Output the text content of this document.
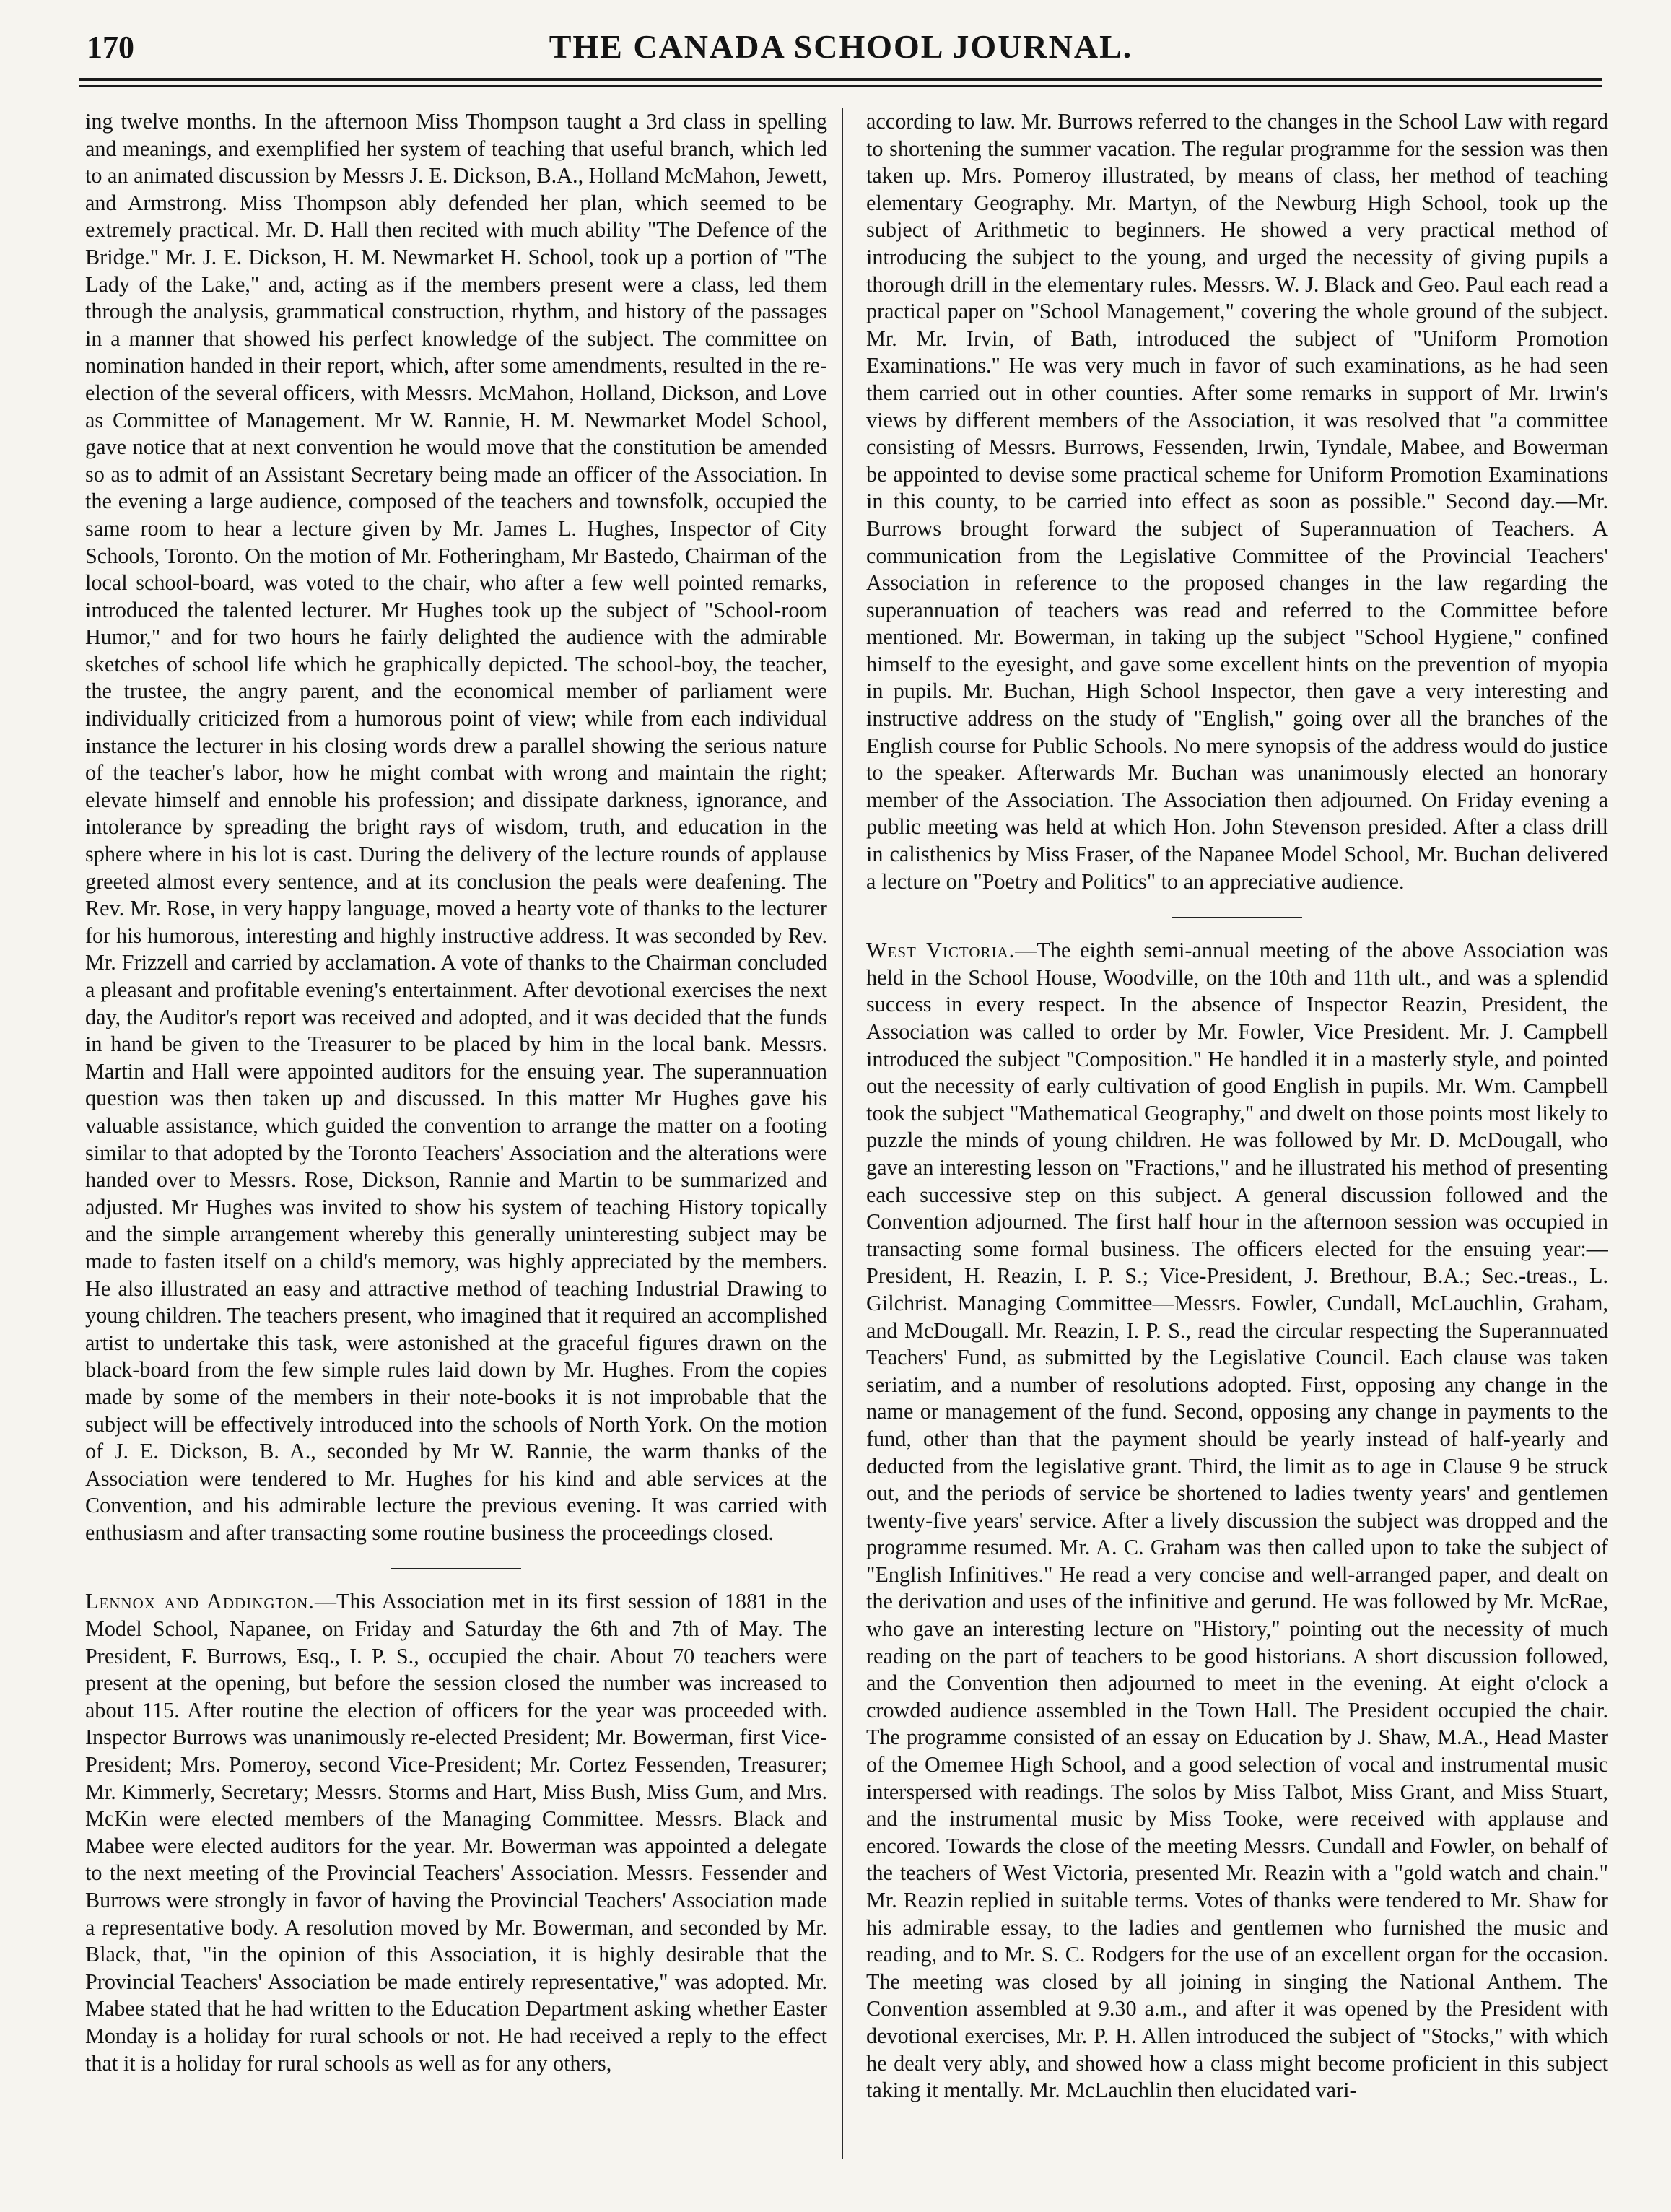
170	THE CANADA SCHOOL JOURNAL.

ing twelve months. In the afternoon Miss Thompson taught a 3rd class in spelling and meanings, and exemplified her system of teaching that useful branch, which led to an animated discussion by Messrs J. E. Dickson, B.A., Holland McMahon, Jewett, and Armstrong. Miss Thompson ably defended her plan, which seemed to be extremely practical. Mr. D. Hall then recited with much ability "The Defence of the Bridge." Mr. J. E. Dickson, H. M. Newmarket H. School, took up a portion of "The Lady of the Lake," and, acting as if the members present were a class, led them through the analysis, grammatical construction, rhythm, and history of the passages in a manner that showed his perfect knowledge of the subject. The committee on nomination handed in their report, which, after some amendments, resulted in the re-election of the several officers, with Messrs. McMahon, Holland, Dickson, and Love as Committee of Management. Mr W. Rannie, H. M. Newmarket Model School, gave notice that at next convention he would move that the constitution be amended so as to admit of an Assistant Secretary being made an officer of the Association. In the evening a large audience, composed of the teachers and townsfolk, occupied the same room to hear a lecture given by Mr. James L. Hughes, Inspector of City Schools, Toronto. On the motion of Mr. Fotheringham, Mr Bastedo, Chairman of the local school-board, was voted to the chair, who after a few well pointed remarks, introduced the talented lecturer. Mr Hughes took up the subject of "School-room Humor," and for two hours he fairly delighted the audience with the admirable sketches of school life which he graphically depicted. The school-boy, the teacher, the trustee, the angry parent, and the economical member of parliament were individually criticized from a humorous point of view; while from each individual instance the lecturer in his closing words drew a parallel showing the serious nature of the teacher's labor, how he might combat with wrong and maintain the right; elevate himself and ennoble his profession; and dissipate darkness, ignorance, and intolerance by spreading the bright rays of wisdom, truth, and education in the sphere where in his lot is cast. During the delivery of the lecture rounds of applause greeted almost every sentence, and at its conclusion the peals were deafening. The Rev. Mr. Rose, in very happy language, moved a hearty vote of thanks to the lecturer for his humorous, interesting and highly instructive address. It was seconded by Rev. Mr. Frizzell and carried by acclamation. A vote of thanks to the Chairman concluded a pleasant and profitable evening's entertainment. After devotional exercises the next day, the Auditor's report was received and adopted, and it was decided that the funds in hand be given to the Treasurer to be placed by him in the local bank. Messrs. Martin and Hall were appointed auditors for the ensuing year. The superannuation question was then taken up and discussed. In this matter Mr Hughes gave his valuable assistance, which guided the convention to arrange the matter on a footing similar to that adopted by the Toronto Teachers' Association and the alterations were handed over to Messrs. Rose, Dickson, Rannie and Martin to be summarized and adjusted. Mr Hughes was invited to show his system of teaching History topically and the simple arrangement whereby this generally uninteresting subject may be made to fasten itself on a child's memory, was highly appreciated by the members. He also illustrated an easy and attractive method of teaching Industrial Drawing to young children. The teachers present, who imagined that it required an accomplished artist to undertake this task, were astonished at the graceful figures drawn on the black-board from the few simple rules laid down by Mr. Hughes. From the copies made by some of the members in their note-books it is not improbable that the subject will be effectively introduced into the schools of North York. On the motion of J. E. Dickson, B. A., seconded by Mr W. Rannie, the warm thanks of the Association were tendered to Mr. Hughes for his kind and able services at the Convention, and his admirable lecture the previous evening. It was carried with enthusiasm and after transacting some routine business the proceedings closed.

Lennox and Addington.—This Association met in its first session of 1881 in the Model School, Napanee, on Friday and Saturday the 6th and 7th of May. The President, F. Burrows, Esq., I. P. S., occupied the chair. About 70 teachers were present at the opening, but before the session closed the number was increased to about 115. After routine the election of officers for the year was proceeded with. Inspector Burrows was unanimously re-elected President; Mr. Bowerman, first Vice-President; Mrs. Pomeroy, second Vice-President; Mr. Cortez Fessenden, Treasurer; Mr. Kimmerly, Secretary; Messrs. Storms and Hart, Miss Bush, Miss Gum, and Mrs. McKin were elected members of the Managing Committee. Messrs. Black and Mabee were elected auditors for the year. Mr. Bowerman was appointed a delegate to the next meeting of the Provincial Teachers' Association. Messrs. Fessender and Burrows were strongly in favor of having the Provincial Teachers' Association made a representative body. A resolution moved by Mr. Bowerman, and seconded by Mr. Black, that, "in the opinion of this Association, it is highly desirable that the Provincial Teachers' Association be made entirely representative," was adopted. Mr. Mabee stated that he had written to the Education Department asking whether Easter Monday is a holiday for rural schools or not. He had received a reply to the effect that it is a holiday for rural schools as well as for any others,

according to law. Mr. Burrows referred to the changes in the School Law with regard to shortening the summer vacation. The regular programme for the session was then taken up. Mrs. Pomeroy illustrated, by means of class, her method of teaching elementary Geography. Mr. Martyn, of the Newburg High School, took up the subject of Arithmetic to beginners. He showed a very practical method of introducing the subject to the young, and urged the necessity of giving pupils a thorough drill in the elementary rules. Messrs. W. J. Black and Geo. Paul each read a practical paper on "School Management," covering the whole ground of the subject. Mr. Mr. Irvin, of Bath, introduced the subject of "Uniform Promotion Examinations." He was very much in favor of such examinations, as he had seen them carried out in other counties. After some remarks in support of Mr. Irwin's views by different members of the Association, it was resolved that "a committee consisting of Messrs. Burrows, Fessenden, Irwin, Tyndale, Mabee, and Bowerman be appointed to devise some practical scheme for Uniform Promotion Examinations in this county, to be carried into effect as soon as possible." Second day.—Mr. Burrows brought forward the subject of Superannuation of Teachers. A communication from the Legislative Committee of the Provincial Teachers' Association in reference to the proposed changes in the law regarding the superannuation of teachers was read and referred to the Committee before mentioned. Mr. Bowerman, in taking up the subject "School Hygiene," confined himself to the eyesight, and gave some excellent hints on the prevention of myopia in pupils. Mr. Buchan, High School Inspector, then gave a very interesting and instructive address on the study of "English," going over all the branches of the English course for Public Schools. No mere synopsis of the address would do justice to the speaker. Afterwards Mr. Buchan was unanimously elected an honorary member of the Association. The Association then adjourned. On Friday evening a public meeting was held at which Hon. John Stevenson presided. After a class drill in calisthenics by Miss Fraser, of the Napanee Model School, Mr. Buchan delivered a lecture on "Poetry and Politics" to an appreciative audience.

West Victoria.—The eighth semi-annual meeting of the above Association was held in the School House, Woodville, on the 10th and 11th ult., and was a splendid success in every respect. In the absence of Inspector Reazin, President, the Association was called to order by Mr. Fowler, Vice President. Mr. J. Campbell introduced the subject "Composition." He handled it in a masterly style, and pointed out the necessity of early cultivation of good English in pupils. Mr. Wm. Campbell took the subject "Mathematical Geography," and dwelt on those points most likely to puzzle the minds of young children. He was followed by Mr. D. McDougall, who gave an interesting lesson on "Fractions," and he illustrated his method of presenting each successive step on this subject. A general discussion followed and the Convention adjourned. The first half hour in the afternoon session was occupied in transacting some formal business. The officers elected for the ensuing year:—President, H. Reazin, I. P. S.; Vice-President, J. Brethour, B.A.; Sec.-treas., L. Gilchrist. Managing Committee—Messrs. Fowler, Cundall, McLauchlin, Graham, and McDougall. Mr. Reazin, I. P. S., read the circular respecting the Superannuated Teachers' Fund, as submitted by the Legislative Council. Each clause was taken seriatim, and a number of resolutions adopted. First, opposing any change in the name or management of the fund. Second, opposing any change in payments to the fund, other than that the payment should be yearly instead of half-yearly and deducted from the legislative grant. Third, the limit as to age in Clause 9 be struck out, and the periods of service be shortened to ladies twenty years' and gentlemen twenty-five years' service. After a lively discussion the subject was dropped and the programme resumed. Mr. A. C. Graham was then called upon to take the subject of "English Infinitives." He read a very concise and well-arranged paper, and dealt on the derivation and uses of the infinitive and gerund. He was followed by Mr. McRae, who gave an interesting lecture on "History," pointing out the necessity of much reading on the part of teachers to be good historians. A short discussion followed, and the Convention then adjourned to meet in the evening. At eight o'clock a crowded audience assembled in the Town Hall. The President occupied the chair. The programme consisted of an essay on Education by J. Shaw, M.A., Head Master of the Omemee High School, and a good selection of vocal and instrumental music interspersed with readings. The solos by Miss Talbot, Miss Grant, and Miss Stuart, and the instrumental music by Miss Tooke, were received with applause and encored. Towards the close of the meeting Messrs. Cundall and Fowler, on behalf of the teachers of West Victoria, presented Mr. Reazin with a "gold watch and chain." Mr. Reazin replied in suitable terms. Votes of thanks were tendered to Mr. Shaw for his admirable essay, to the ladies and gentlemen who furnished the music and reading, and to Mr. S. C. Rodgers for the use of an excellent organ for the occasion. The meeting was closed by all joining in singing the National Anthem. The Convention assembled at 9.30 a.m., and after it was opened by the President with devotional exercises, Mr. P. H. Allen introduced the subject of "Stocks," with which he dealt very ably, and showed how a class might become proficient in this subject taking it mentally. Mr. McLauchlin then elucidated vari-
